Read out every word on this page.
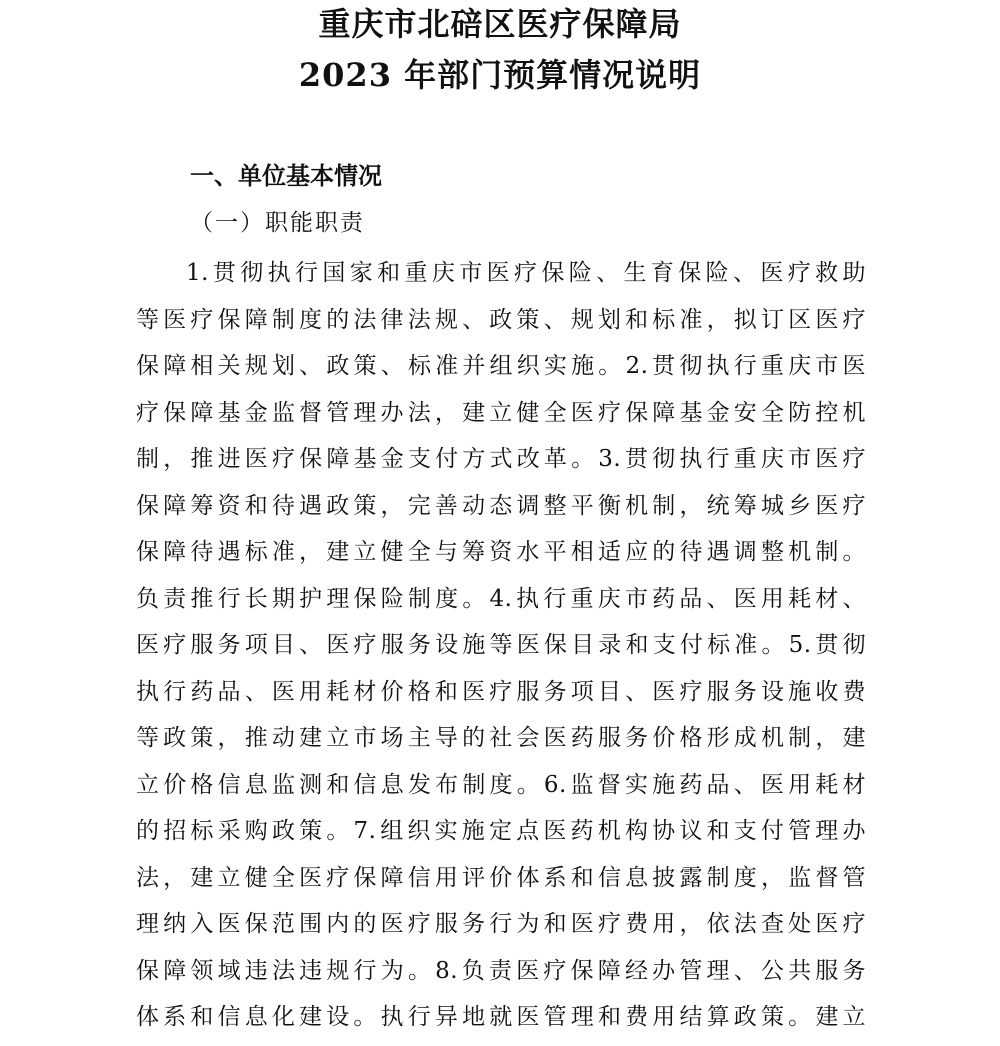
重庆市北碚区医疗保障局
2023 年部门预算情况说明
一、单位基本情况
（一）职能职责
1.贯彻执行国家和重庆市医疗保险、生育保险、医疗救助
等医疗保障制度的法律法规、政策、规划和标准，拟订区医疗
保障相关规划、政策、标准并组织实施。2.贯彻执行重庆市医
疗保障基金监督管理办法，建立健全医疗保障基金安全防控机
制，推进医疗保障基金支付方式改革。3.贯彻执行重庆市医疗
保障筹资和待遇政策，完善动态调整平衡机制，统筹城乡医疗
保障待遇标准，建立健全与筹资水平相适应的待遇调整机制。
负责推行长期护理保险制度。4.执行重庆市药品、医用耗材、
医疗服务项目、医疗服务设施等医保目录和支付标准。5.贯彻
执行药品、医用耗材价格和医疗服务项目、医疗服务设施收费
等政策，推动建立市场主导的社会医药服务价格形成机制，建
立价格信息监测和信息发布制度。6.监督实施药品、医用耗材
的招标采购政策。7.组织实施定点医药机构协议和支付管理办
法，建立健全医疗保障信用评价体系和信息披露制度，监督管
理纳入医保范围内的医疗服务行为和医疗费用，依法查处医疗
保障领域违法违规行为。8.负责医疗保障经办管理、公共服务
体系和信息化建设。执行异地就医管理和费用结算政策。建立
